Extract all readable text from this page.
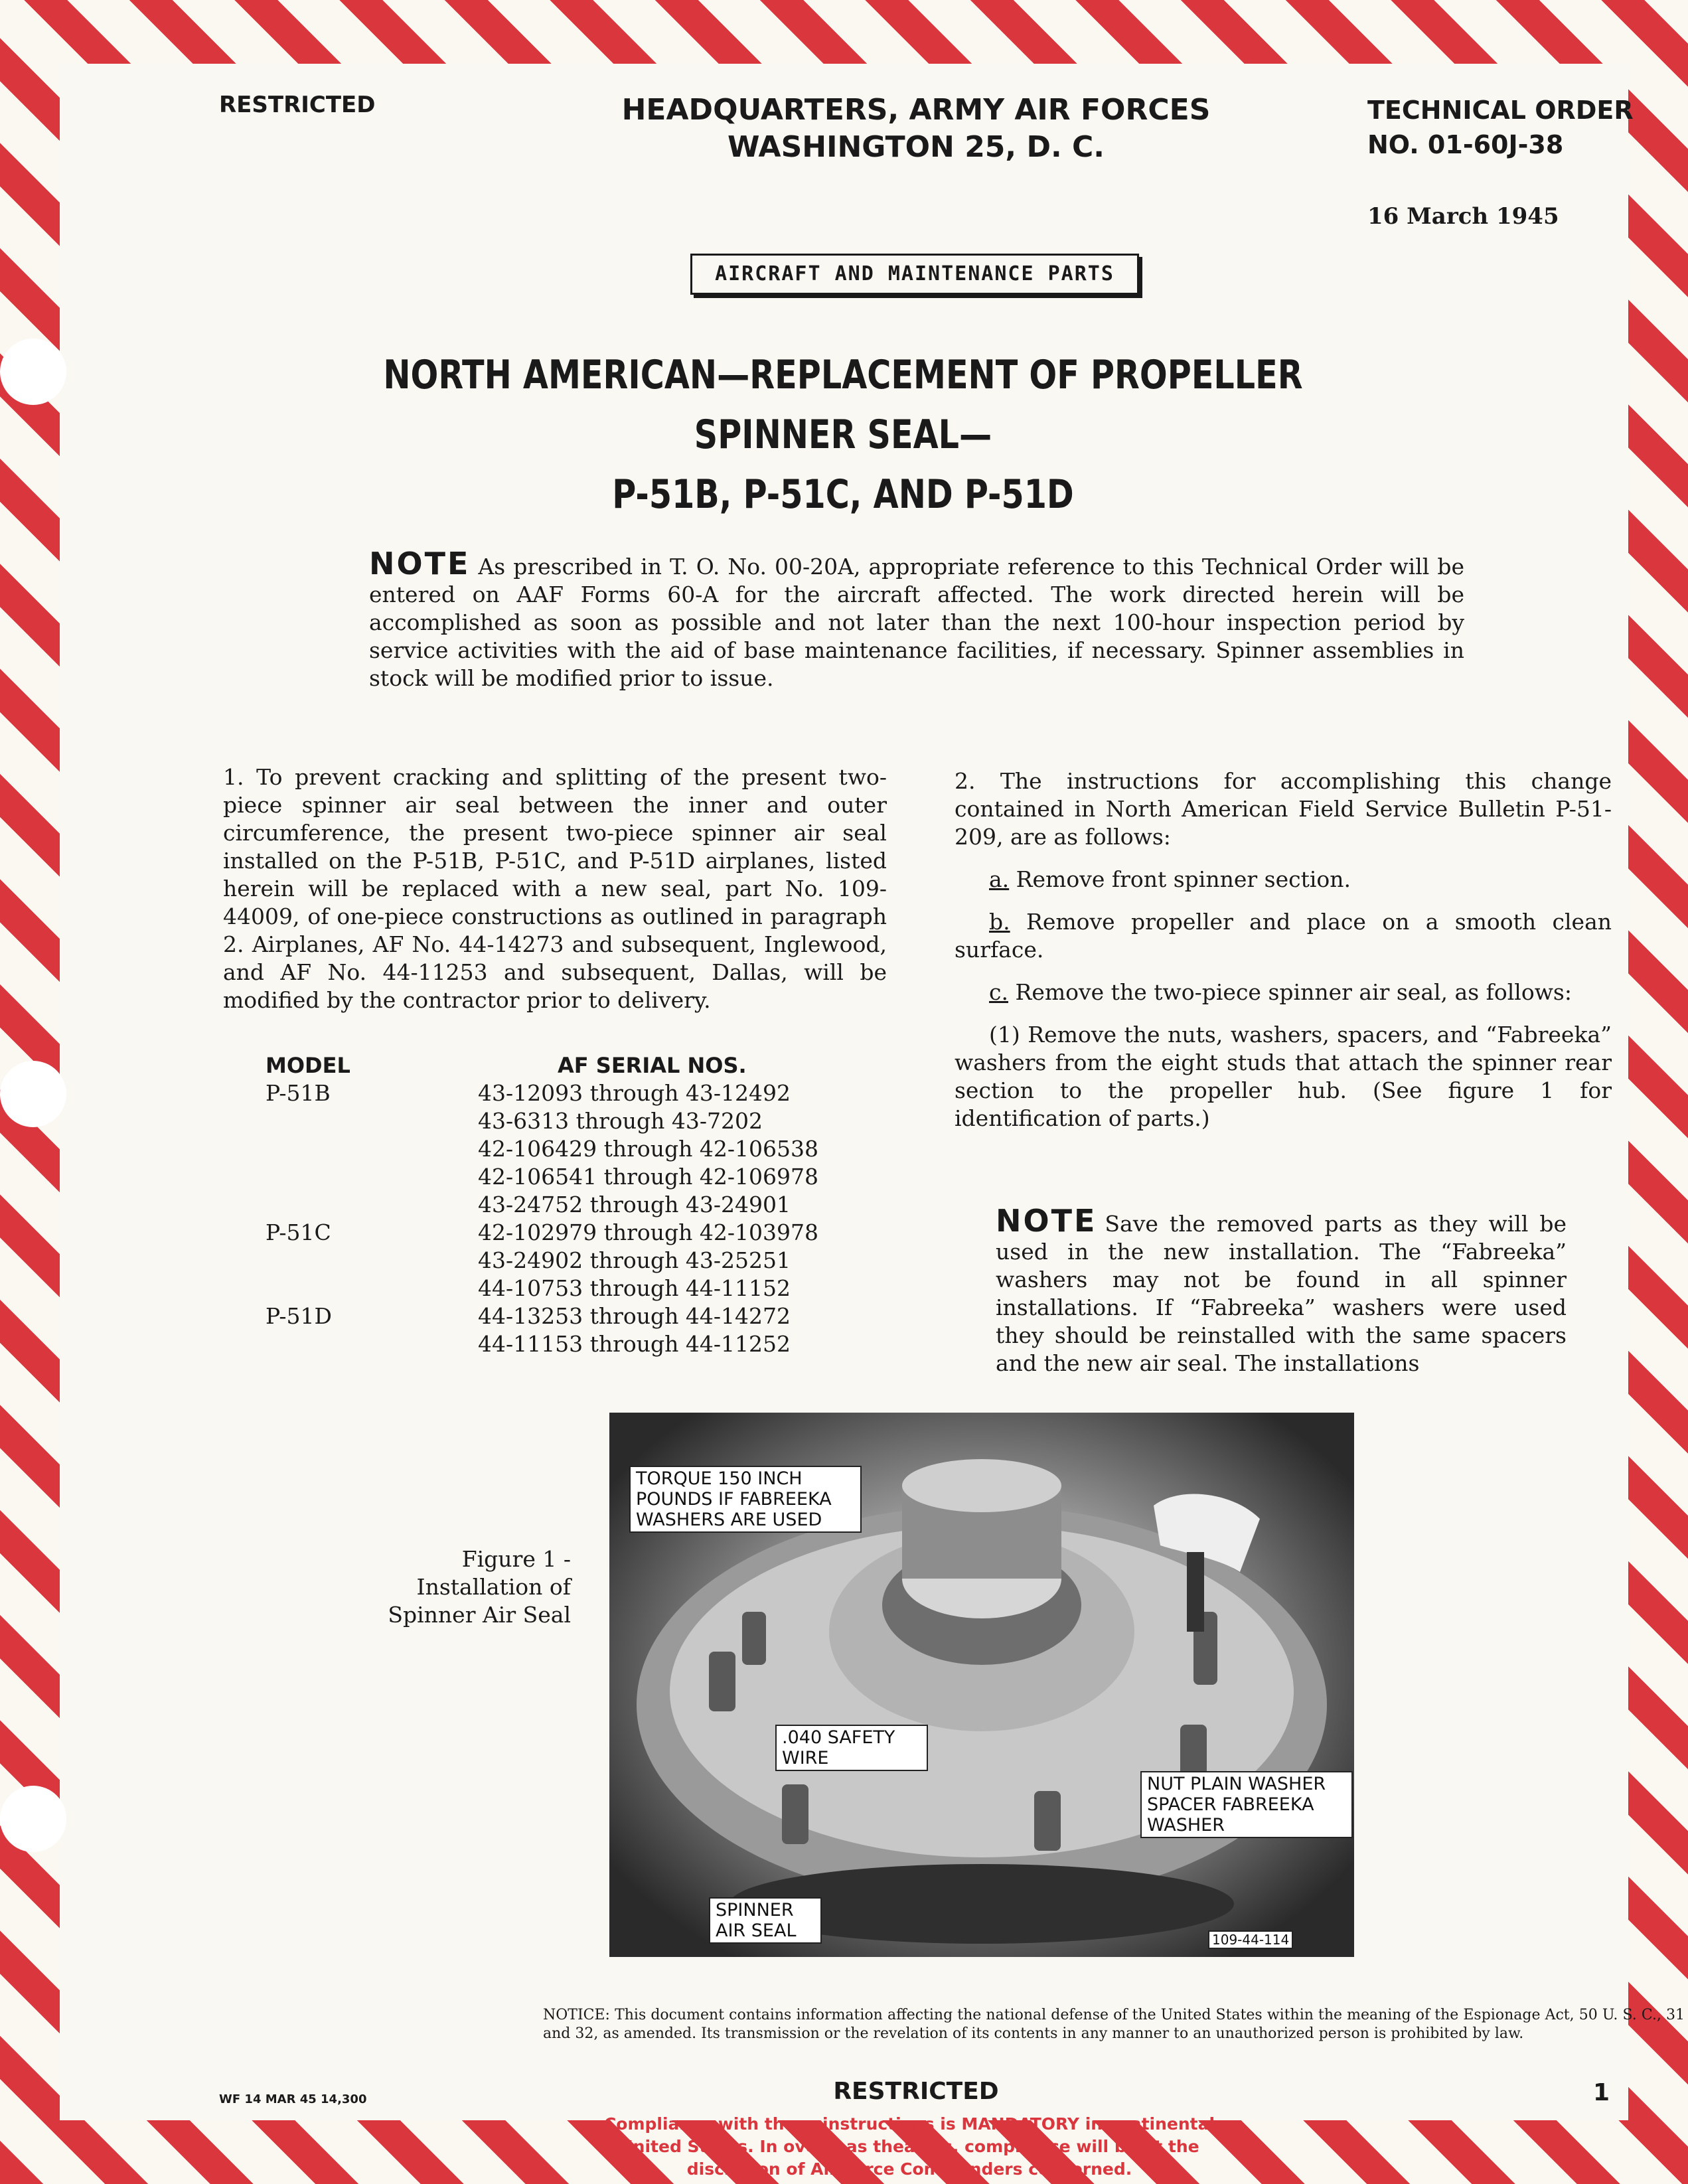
RESTRICTED	HEADQUARTERS, ARMY AIR FORCES
WASHINGTON 25, D. C.
TECHNICAL ORDER
NO. 01-60J-38
16 March 1945
AIRCRAFT AND MAINTENANCE PARTS
NORTH AMERICAN—REPLACEMENT OF PROPELLER SPINNER SEAL—
P-51B, P-51C, AND P-51D
NOTE As prescribed in T. O. No. 00-20A, appropriate reference to this Technical Order will be entered on AAF Forms 60-A for the aircraft affected. The work directed herein will be accomplished as soon as possible and not later than the next 100-hour inspection period by service activities with the aid of base maintenance facilities, if necessary. Spinner assemblies in stock will be modified prior to issue.

1. To prevent cracking and splitting of the present two-piece spinner air seal between the inner and outer circumference, the present two-piece spinner air seal installed on the P-51B, P-51C, and P-51D airplanes, listed herein will be replaced with a new seal, part No. 109-44009, of one-piece constructions as outlined in paragraph 2. Airplanes, AF No. 44-14273 and subsequent, Inglewood, and AF No. 44-11253 and subsequent, Dallas, will be modified by the contractor prior to delivery.

MODEL	AF SERIAL NOS.
P-51B	43-12093 through 43-12492
43-6313 through 43-7202
42-106429 through 42-106538
42-106541 through 42-106978
43-24752 through 43-24901
P-51C	42-102979 through 42-103978
43-24902 through 43-25251
44-10753 through 44-11152
P-51D	44-13253 through 44-14272
44-11153 through 44-11252

2. The instructions for accomplishing this change contained in North American Field Service Bulletin P-51-209, are as follows:

a. Remove front spinner section.

b. Remove propeller and place on a smooth clean surface.

c. Remove the two-piece spinner air seal, as follows:

(1) Remove the nuts, washers, spacers, and “Fabreeka” washers from the eight studs that attach the spinner rear section to the propeller hub. (See figure 1 for identification of parts.)

NOTE Save the removed parts as they will be used in the new installation. The “Fabreeka” washers may not be found in all spinner installations. If “Fabreeka” washers were used they should be reinstalled with the same spacers and the new air seal. The installations
Figure 1 - Installation of Spinner Air Seal
TORQUE 150 INCH POUNDS IF FABREEKA WASHERS ARE USED
.040 SAFETY WIRE
NUT PLAIN WASHER SPACER FABREEKA WASHER
SPINNER AIR SEAL	109-44-114
NOTICE: This document contains information affecting the national defense of the United States within the meaning of the Espionage Act, 50 U. S. C., 31 and 32, as amended. Its transmission or the revelation of its contents in any manner to an unauthorized person is prohibited by law.
WF 14 MAR 45 14,300	RESTRICTED	1
Compliance with these instructions is MANDATORY in continental United States. In overseas theaters, compliance will be at the discretion of Air Force Commanders concerned.
